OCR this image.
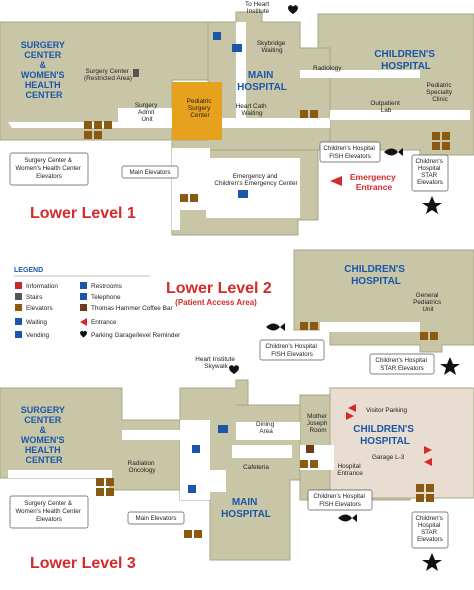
SURGERY CENTER & WOMEN'S HEALTH CENTER
MAIN HOSPITAL
CHILDREN'S HOSPITAL
To Heart Institute
Skybridge Waiting
Surgery Center (Restricted Area)
Surgery Admit Unit
Pediatric Surgery Center
Heart Cath Waiting
Radiology
Outpatient Lab
Pediatric Specialty Clinic
Emergency and Children's Emergency Center
Emergency Entrance
Main Elevators
Surgery Center & Women's Health Center Elevators
Children's Hospital FISH Elevators
Children's Hospital STAR Elevators
Lower Level 1
CHILDREN'S HOSPITAL
General Pediatrics Unit
Lower Level 2
(Patient Access Area)
Children's Hospital FISH Elevators
Children's Hospital STAR Elevators
LEGEND
Information	Restrooms
Stairs	Telephone
Elevators	Thomas Hammer Coffee Bar
Waiting	Entrance
Vending	Parking Garage/level Reminder
SURGERY CENTER & WOMEN'S HEALTH CENTER
MAIN HOSPITAL
CHILDREN'S HOSPITAL
Heart Institute Skywalk
Radiation Oncology
Dining Area
Cafeteria
Mother Joseph Room
Visitor Parking
Garage L-3
Hospital Entrance
Surgery Center & Women's Health Center Elevators	Main Elevators
Children's Hospital FISH Elevators
Children's Hospital STAR Elevators
Lower Level 3
